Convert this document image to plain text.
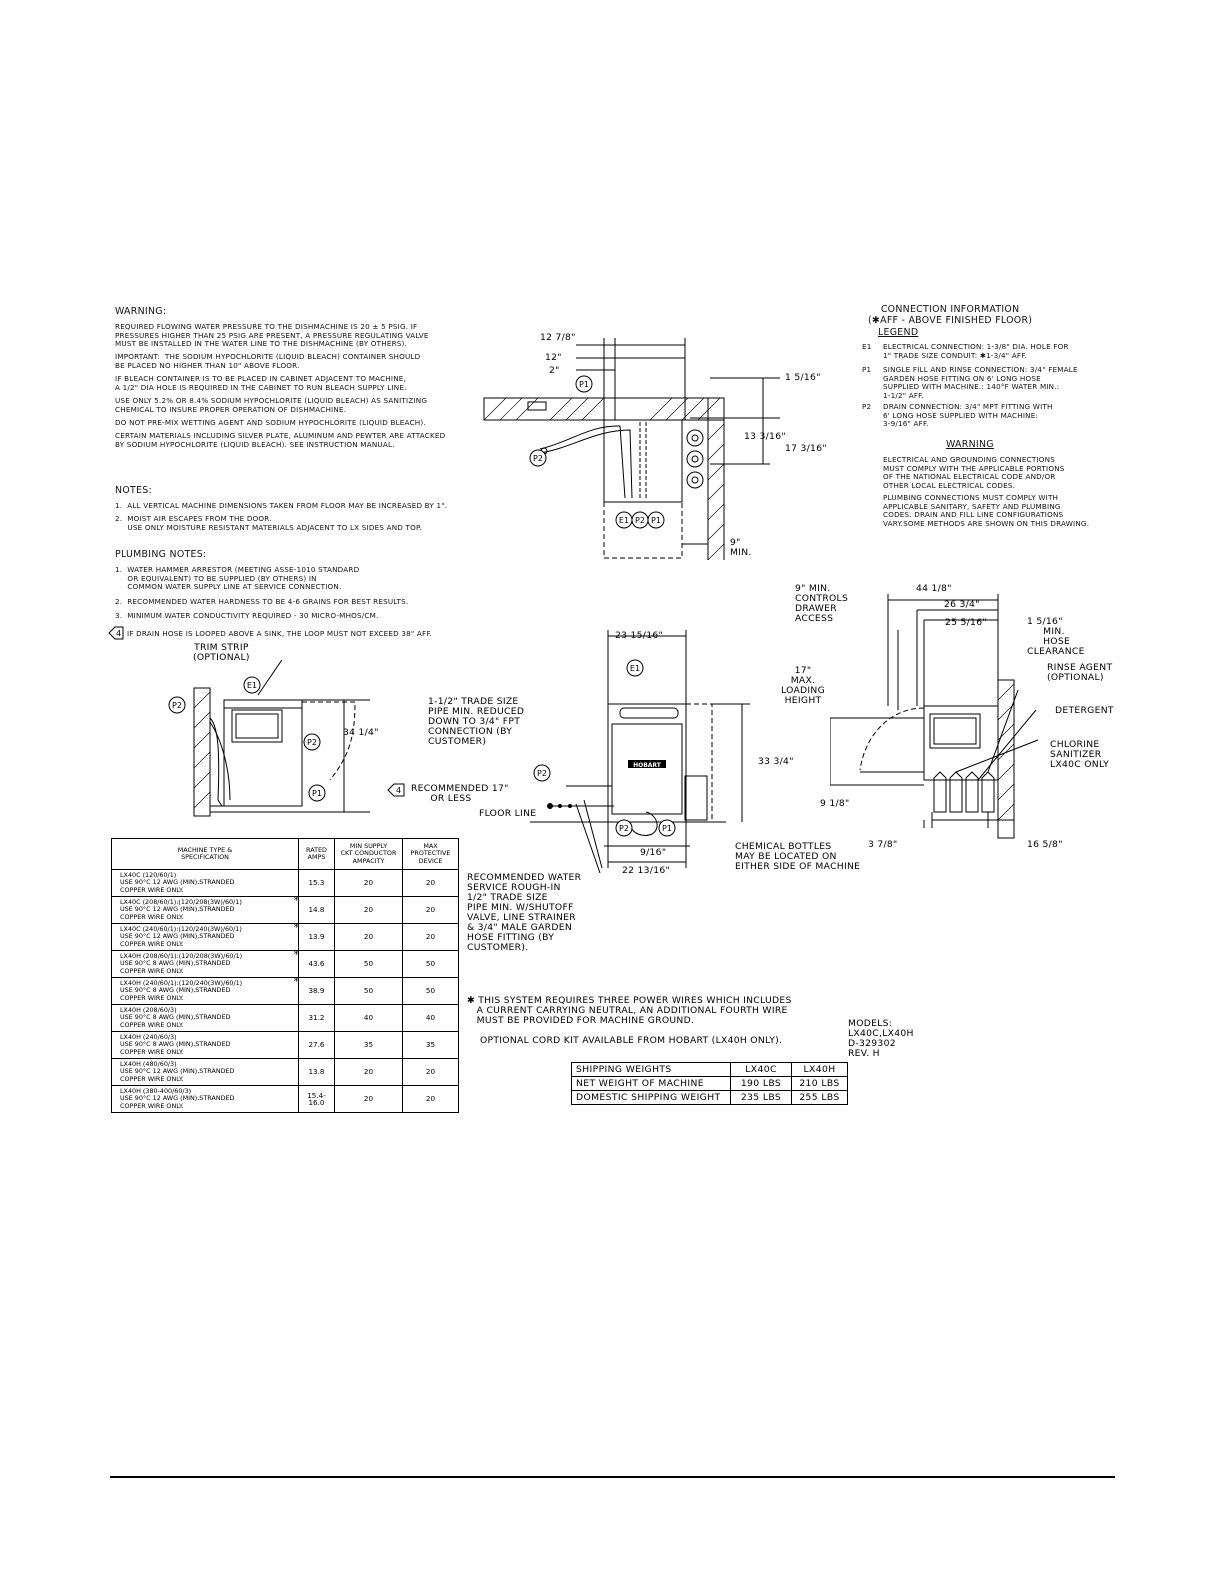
WARNING:

REQUIRED FLOWING WATER PRESSURE TO THE DISHMACHINE IS 20 ± 5 PSIG. IF
PRESSURES HIGHER THAN 25 PSIG ARE PRESENT, A PRESSURE REGULATING VALVE
MUST BE INSTALLED IN THE WATER LINE TO THE DISHMACHINE (BY OTHERS).

IMPORTANT:  THE SODIUM HYPOCHLORITE (LIQUID BLEACH) CONTAINER SHOULD
BE PLACED NO HIGHER THAN 10" ABOVE FLOOR.

IF BLEACH CONTAINER IS TO BE PLACED IN CABINET ADJACENT TO MACHINE,
A 1/2" DIA HOLE IS REQUIRED IN THE CABINET TO RUN BLEACH SUPPLY LINE.

USE ONLY 5.2% OR 8.4% SODIUM HYPOCHLORITE (LIQUID BLEACH) AS SANITIZING
CHEMICAL TO INSURE PROPER OPERATION OF DISHMACHINE.

DO NOT PRE-MIX WETTING AGENT AND SODIUM HYPOCHLORITE (LIQUID BLEACH).

CERTAIN MATERIALS INCLUDING SILVER PLATE, ALUMINUM AND PEWTER ARE ATTACKED
BY SODIUM HYPOCHLORITE (LIQUID BLEACH). SEE INSTRUCTION MANUAL.

NOTES:

1.  ALL VERTICAL MACHINE DIMENSIONS TAKEN FROM FLOOR MAY BE INCREASED BY 1".

2.  MOIST AIR ESCAPES FROM THE DOOR.
USE ONLY MOISTURE RESISTANT MATERIALS ADJACENT TO LX SIDES AND TOP.

PLUMBING NOTES:

1.  WATER HAMMER ARRESTOR (MEETING ASSE-1010 STANDARD
OR EQUIVALENT) TO BE SUPPLIED (BY OTHERS) IN
COMMON WATER SUPPLY LINE AT SERVICE CONNECTION.

2.  RECOMMENDED WATER HARDNESS TO BE 4-6 GRAINS FOR BEST RESULTS.

3.  MINIMUM WATER CONDUCTIVITY REQUIRED - 30 MICRO-MHOS/CM.

4 IF DRAIN HOSE IS LOOPED ABOVE A SINK, THE LOOP MUST NOT EXCEED 38" AFF.
CONNECTION INFORMATION
(✱AFF - ABOVE FINISHED FLOOR)
LEGEND
E1 ELECTRICAL CONNECTION: 1-3/8" DIA. HOLE FOR
1" TRADE SIZE CONDUIT: ✱1-3/4" AFF.
P1 SINGLE FILL AND RINSE CONNECTION: 3/4" FEMALE
GARDEN HOSE FITTING ON 6' LONG HOSE
SUPPLIED WITH MACHINE.: 140°F WATER MIN.:
1-1/2" AFF.
P2 DRAIN CONNECTION: 3/4" MPT FITTING WITH
6' LONG HOSE SUPPLIED WITH MACHINE:
3-9/16" AFF.
WARNING
ELECTRICAL AND GROUNDING CONNECTIONS
MUST COMPLY WITH THE APPLICABLE PORTIONS
OF THE NATIONAL ELECTRICAL CODE AND/OR
OTHER LOCAL ELECTRICAL CODES.
PLUMBING CONNECTIONS MUST COMPLY WITH
APPLICABLE SANITARY, SAFETY AND PLUMBING
CODES. DRAIN AND FILL LINE CONFIGURATIONS
VARY.SOME METHODS ARE SHOWN ON THIS DRAWING.
P1
P2
E1 P2 P1
12 7/8"
12"
2"
1 5/16"
13 3/16"
17 3/16"
9"
MIN.
E1
P2
P2
P1
TRIM STRIP
(OPTIONAL)
34 1/4"
HOBART
E1
P2
P2	P1
23 15/16"
33 3/4"
1-1/2" TRADE SIZE
PIPE MIN. REDUCED
DOWN TO 3/4" FPT
CONNECTION (BY
CUSTOMER)
4 RECOMMENDED 17"
OR LESS
FLOOR LINE
9/16"
22 13/16"
CHEMICAL BOTTLES
MAY BE LOCATED ON
EITHER SIDE OF MACHINE
RECOMMENDED WATER
SERVICE ROUGH-IN
1/2" TRADE SIZE
PIPE MIN. W/SHUTOFF
VALVE, LINE STRAINER
& 3/4" MALE GARDEN
HOSE FITTING (BY
CUSTOMER).
9" MIN.
CONTROLS
DRAWER
ACCESS
44 1/8"
26 3/4"
25 5/16"	1 5/16"
MIN.
HOSE
CLEARANCE
17"
MAX.
LOADING
HEIGHT
RINSE AGENT
(OPTIONAL)
DETERGENT
CHLORINE
SANITIZER
LX40C ONLY
9 1/8"
3 7/8"	16 5/8"
MACHINE TYPE &
SPECIFICATION	RATED
AMPS	MIN SUPPLY
CKT CONDUCTOR
AMPACITY	MAX
PROTECTIVE
DEVICE
LX40C (120/60/1)
USE 90°C 12 AWG (MIN),STRANDED
COPPER WIRE ONLY.	15.3	20	20
LX40C (208/60/1):(120/208(3W)/60/1)
USE 90°C 12 AWG (MIN),STRANDED
COPPER WIRE ONLY.
*	14.8	20	20
LX40C (240/60/1):(120/240(3W)/60/1)
USE 90°C 12 AWG (MIN),STRANDED
COPPER WIRE ONLY.
*	13.9	20	20
LX40H (208/60/1):(120/208(3W)/60/1)
USE 90°C 8 AWG (MIN),STRANDED
COPPER WIRE ONLY.
*	43.6	50	50
LX40H (240/60/1):(120/240(3W)/60/1)
USE 90°C 8 AWG (MIN),STRANDED
COPPER WIRE ONLY.
*	38.9	50	50
LX40H (208/60/3)
USE 90°C 8 AWG (MIN),STRANDED
COPPER WIRE ONLY.	31.2	40	40
LX40H (240/60/3)
USE 90°C 8 AWG (MIN),STRANDED
COPPER WIRE ONLY.	27.6	35	35
LX40H (480/60/3)
USE 90°C 12 AWG (MIN),STRANDED
COPPER WIRE ONLY.	13.8	20	20
LX40H (380-400/60/3)
USE 90°C 12 AWG (MIN),STRANDED
COPPER WIRE ONLY.	15.4-
16.0	20	20
✱ THIS SYSTEM REQUIRES THREE POWER WIRES WHICH INCLUDES
A CURRENT CARRYING NEUTRAL, AN ADDITIONAL FOURTH WIRE
MUST BE PROVIDED FOR MACHINE GROUND.
OPTIONAL CORD KIT AVAILABLE FROM HOBART (LX40H ONLY).
MODELS:
LX40C,LX40H
D-329302
REV. H
SHIPPING WEIGHTS	LX40C	LX40H
NET WEIGHT OF MACHINE	190 LBS	210 LBS
DOMESTIC SHIPPING WEIGHT	235 LBS	255 LBS
